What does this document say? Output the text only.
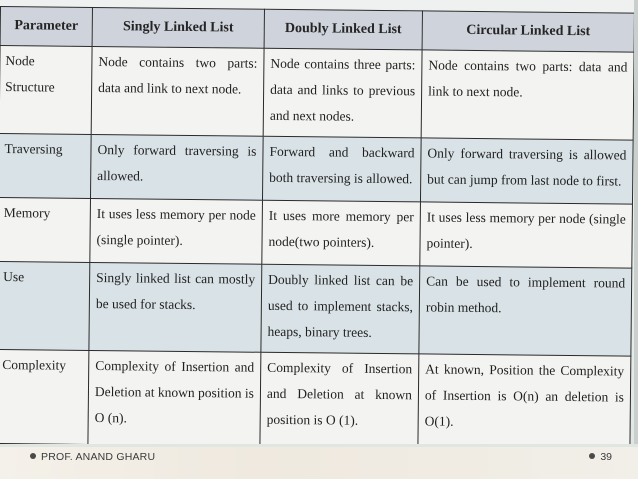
Parameter	Singly Linked List	Doubly Linked List	Circular Linked List
Node Structure	Node contains two parts: data and link to next node.	Node contains three parts: data and links to previous and next nodes.	Node contains two parts: data and link to next node.
Traversing	Only forward traversing is allowed.	Forward and backward both traversing is allowed.	Only forward traversing is allowed but can jump from last node to first.
Memory	It uses less memory per node (single pointer).	It uses more memory per node(two pointers).	It uses less memory per node (single pointer).
Use	Singly linked list can mostly be used for stacks.	Doubly linked list can be used to implement stacks, heaps, binary trees.	Can be used to implement round robin method.
Complexity	Complexity of Insertion and Deletion at known position is O (n).	Complexity of Insertion and Deletion at known position is O (1).	At known, Position the Complexity of Insertion is O(n) an deletion is O(1).
PROF. ANAND GHARU	39
